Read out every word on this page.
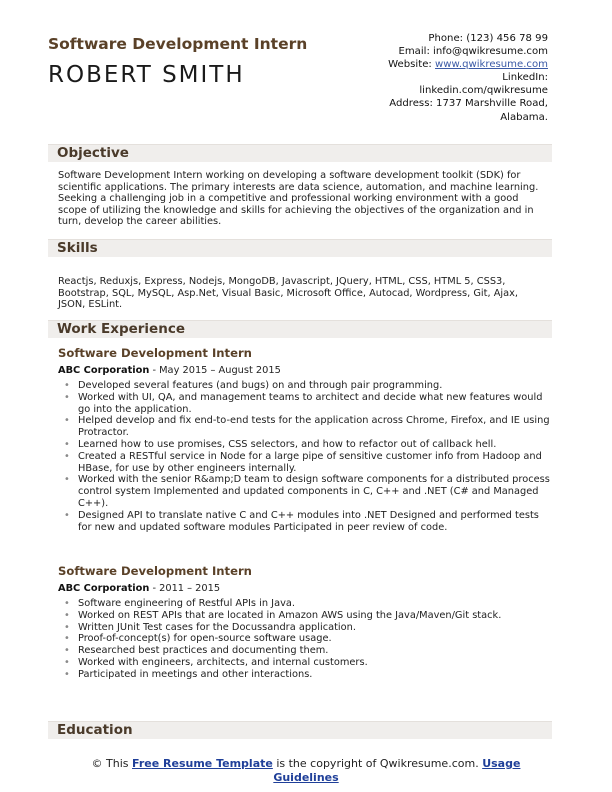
Software Development Intern
ROBERT SMITH
Phone: (123) 456 78 99
Email: info@qwikresume.com
Website: www.qwikresume.com
LinkedIn:
linkedin.com/qwikresume
Address: 1737 Marshville Road,
Alabama.
Objective
Software Development Intern working on developing a software development toolkit (SDK) for scientific applications. The primary interests are data science, automation, and machine learning. Seeking a challenging job in a competitive and professional working environment with a good scope of utilizing the knowledge and skills for achieving the objectives of the organization and in turn, develop the career abilities.
Skills
Reactjs, Reduxjs, Express, Nodejs, MongoDB, Javascript, JQuery, HTML, CSS, HTML 5, CSS3, Bootstrap, SQL, MySQL, Asp.Net, Visual Basic, Microsoft Office, Autocad, Wordpress, Git, Ajax, JSON, ESLint.
Work Experience
Software Development Intern
ABC Corporation - May 2015 – August 2015
• Developed several features (and bugs) on and through pair programming.
• Worked with UI, QA, and management teams to architect and decide what new features would go into the application.
• Helped develop and fix end-to-end tests for the application across Chrome, Firefox, and IE using Protractor.
• Learned how to use promises, CSS selectors, and how to refactor out of callback hell.
• Created a RESTful service in Node for a large pipe of sensitive customer info from Hadoop and HBase, for use by other engineers internally.
• Worked with the senior R&amp;D team to design software components for a distributed process control system Implemented and updated components in C, C++ and .NET (C# and Managed C++).
• Designed API to translate native C and C++ modules into .NET Designed and performed tests for new and updated software modules Participated in peer review of code.
Software Development Intern
ABC Corporation - 2011 – 2015
• Software engineering of Restful APIs in Java.
• Worked on REST APIs that are located in Amazon AWS using the Java/Maven/Git stack.
• Written JUnit Test cases for the Docussandra application.
• Proof-of-concept(s) for open-source software usage.
• Researched best practices and documenting them.
• Worked with engineers, architects, and internal customers.
• Participated in meetings and other interactions.
Education
© This Free Resume Template is the copyright of Qwikresume.com. Usage
Guidelines
